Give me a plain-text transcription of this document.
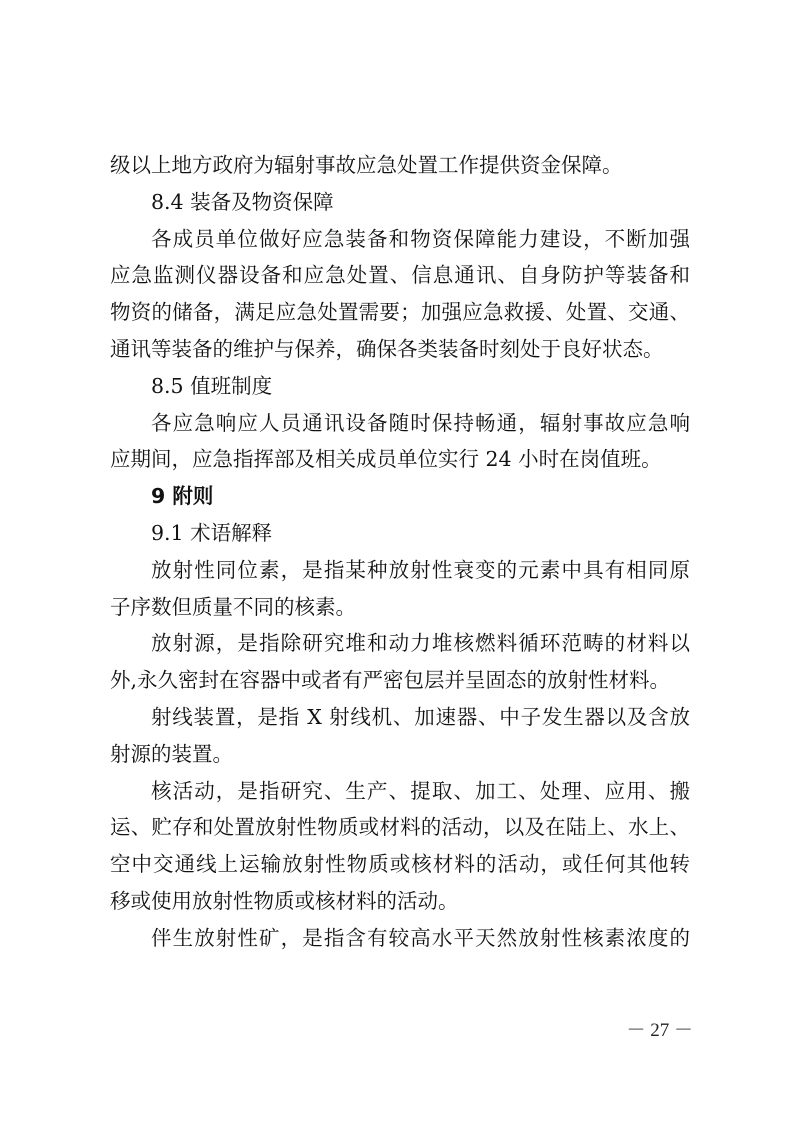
级以上地方政府为辐射事故应急处置工作提供资金保障。
8.4 装备及物资保障
各成员单位做好应急装备和物资保障能力建设，不断加强
应急监测仪器设备和应急处置、信息通讯、自身防护等装备和
物资的储备，满足应急处置需要；加强应急救援、处置、交通、
通讯等装备的维护与保养，确保各类装备时刻处于良好状态。
8.5 值班制度
各应急响应人员通讯设备随时保持畅通，辐射事故应急响
应期间，应急指挥部及相关成员单位实行 24 小时在岗值班。
9 附则
9.1 术语解释
放射性同位素，是指某种放射性衰变的元素中具有相同原
子序数但质量不同的核素。
放射源，是指除研究堆和动力堆核燃料循环范畴的材料以
外,永久密封在容器中或者有严密包层并呈固态的放射性材料。
射线装置，是指 X 射线机、加速器、中子发生器以及含放
射源的装置。
核活动，是指研究、生产、提取、加工、处理、应用、搬
运、贮存和处置放射性物质或材料的活动，以及在陆上、水上、
空中交通线上运输放射性物质或核材料的活动，或任何其他转
移或使用放射性物质或核材料的活动。
伴生放射性矿，是指含有较高水平天然放射性核素浓度的
－ 27 －
